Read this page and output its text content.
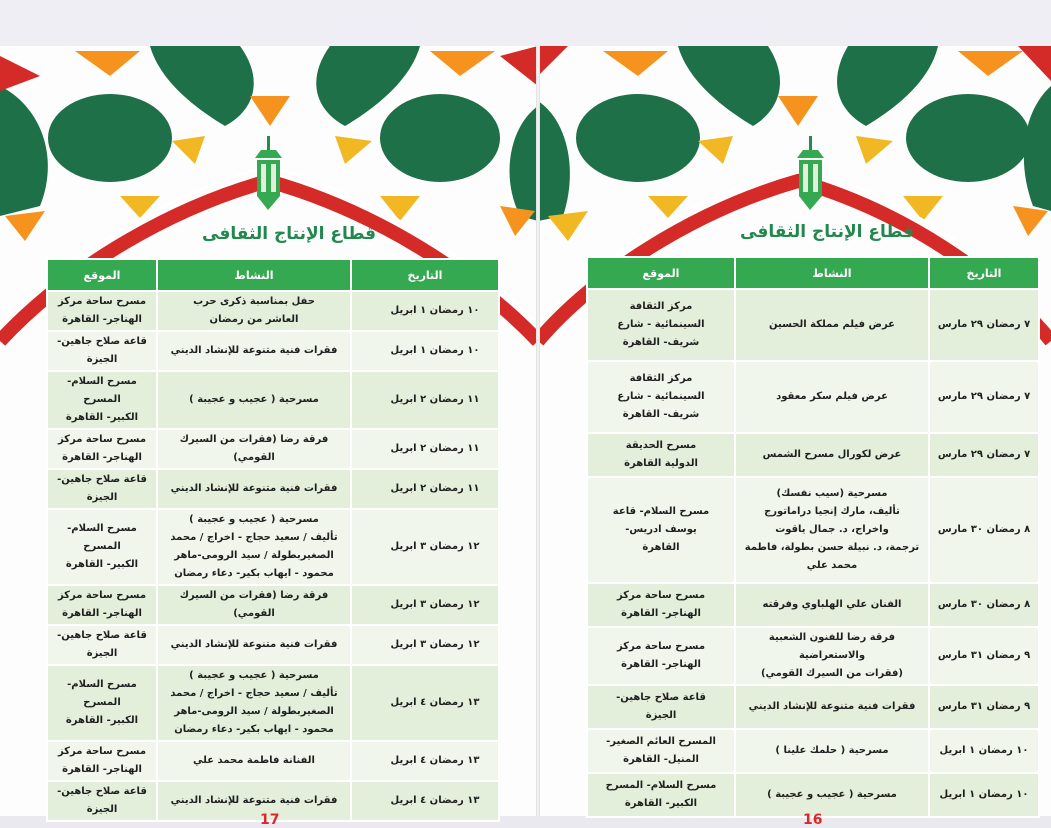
قطاع الإنتاج الثقافى
التاريخ	النشاط	الموقع
١٠ رمضان ١ ابريل	حفل بمناسبة ذكرى حرب
العاشر من رمضان	مسرح ساحة مركز
الهناجر- القاهرة
١٠ رمضان ١ ابريل	فقرات فنية متنوعة للإنشاد الديني	قاعة صلاح جاهين-
الجيزة
١١ رمضان ٢ ابريل	مسرحية ( عجيب و عجيبة )	مسرح السلام- المسرح
الكبير- القاهرة
١١ رمضان ٢ ابريل	فرقة رضا (فقرات من السيرك القومي)	مسرح ساحة مركز
الهناجر- القاهرة
١١ رمضان ٢ ابريل	فقرات فنية متنوعة للإنشاد الديني	قاعة صلاح جاهين-
الجيزة
١٢ رمضان ٣ ابريل	مسرحية ( عجيب و عجيبة )
تأليف / سعيد حجاج - اخراج / محمد
الصغيربطولة / سيد الرومى-ماهر
محمود - ايهاب بكير- دعاء رمضان	مسرح السلام- المسرح
الكبير- القاهرة
١٢ رمضان ٣ ابريل	فرقة رضا (فقرات من السيرك القومي)	مسرح ساحة مركز
الهناجر- القاهرة
١٢ رمضان ٣ ابريل	فقرات فنية متنوعة للإنشاد الديني	قاعة صلاح جاهين-
الجيزة
١٣ رمضان ٤ ابريل	مسرحية ( عجيب و عجيبة )
تأليف / سعيد حجاج - اخراج / محمد
الصغيربطولة / سيد الرومى-ماهر
محمود - ايهاب بكير- دعاء رمضان	مسرح السلام- المسرح
الكبير- القاهرة
١٣ رمضان ٤ ابريل	الفنانة فاطمة محمد علي	مسرح ساحة مركز
الهناجر- القاهرة
١٣ رمضان ٤ ابريل	فقرات فنية متنوعة للإنشاد الديني	قاعة صلاح جاهين-
الجيزة
17
قطاع الإنتاج الثقافى
التاريخ	النشاط	الموقع
٧ رمضان ٢٩ مارس	عرض فيلم مملكة الحسين	مركز الثقافة
السينمائية - شارع
شريف- القاهرة
٧ رمضان ٢٩ مارس	عرض فيلم سكر معقود	مركز الثقافة
السينمائية - شارع
شريف- القاهرة
٧ رمضان ٢٩ مارس	عرض لكورال مسرح الشمس	مسرح الحديقة
الدولية القاهرة
٨ رمضان ٣٠ مارس	مسرحية (سيب نفسك)
تأليف، مارك إنجيا دراماتورج
واخراج، د. جمال ياقوت
ترجمة، د. نبيلة حسن بطولة، فاطمة
محمد علي	مسرح السلام- قاعة
يوسف ادريس-
القاهرة
٨ رمضان ٣٠ مارس	الفنان علي الهلباوي وفرقته	مسرح ساحة مركز
الهناجر- القاهرة
٩ رمضان ٣١ مارس	فرقة رضا للفنون الشعبية والاستعراضية
(فقرات من السيرك القومي)	مسرح ساحة مركز
الهناجر- القاهرة
٩ رمضان ٣١ مارس	فقرات فنية متنوعة للإنشاد الديني	قاعة صلاح جاهين-
الجيزة
١٠ رمضان ١ ابريل	مسرحية ( حلمك علينا )	المسرح العائم الصغير-
المنيل- القاهرة
١٠ رمضان ١ ابريل	مسرحية ( عجيب و عجيبة )	مسرح السلام- المسرح
الكبير- القاهرة
16
